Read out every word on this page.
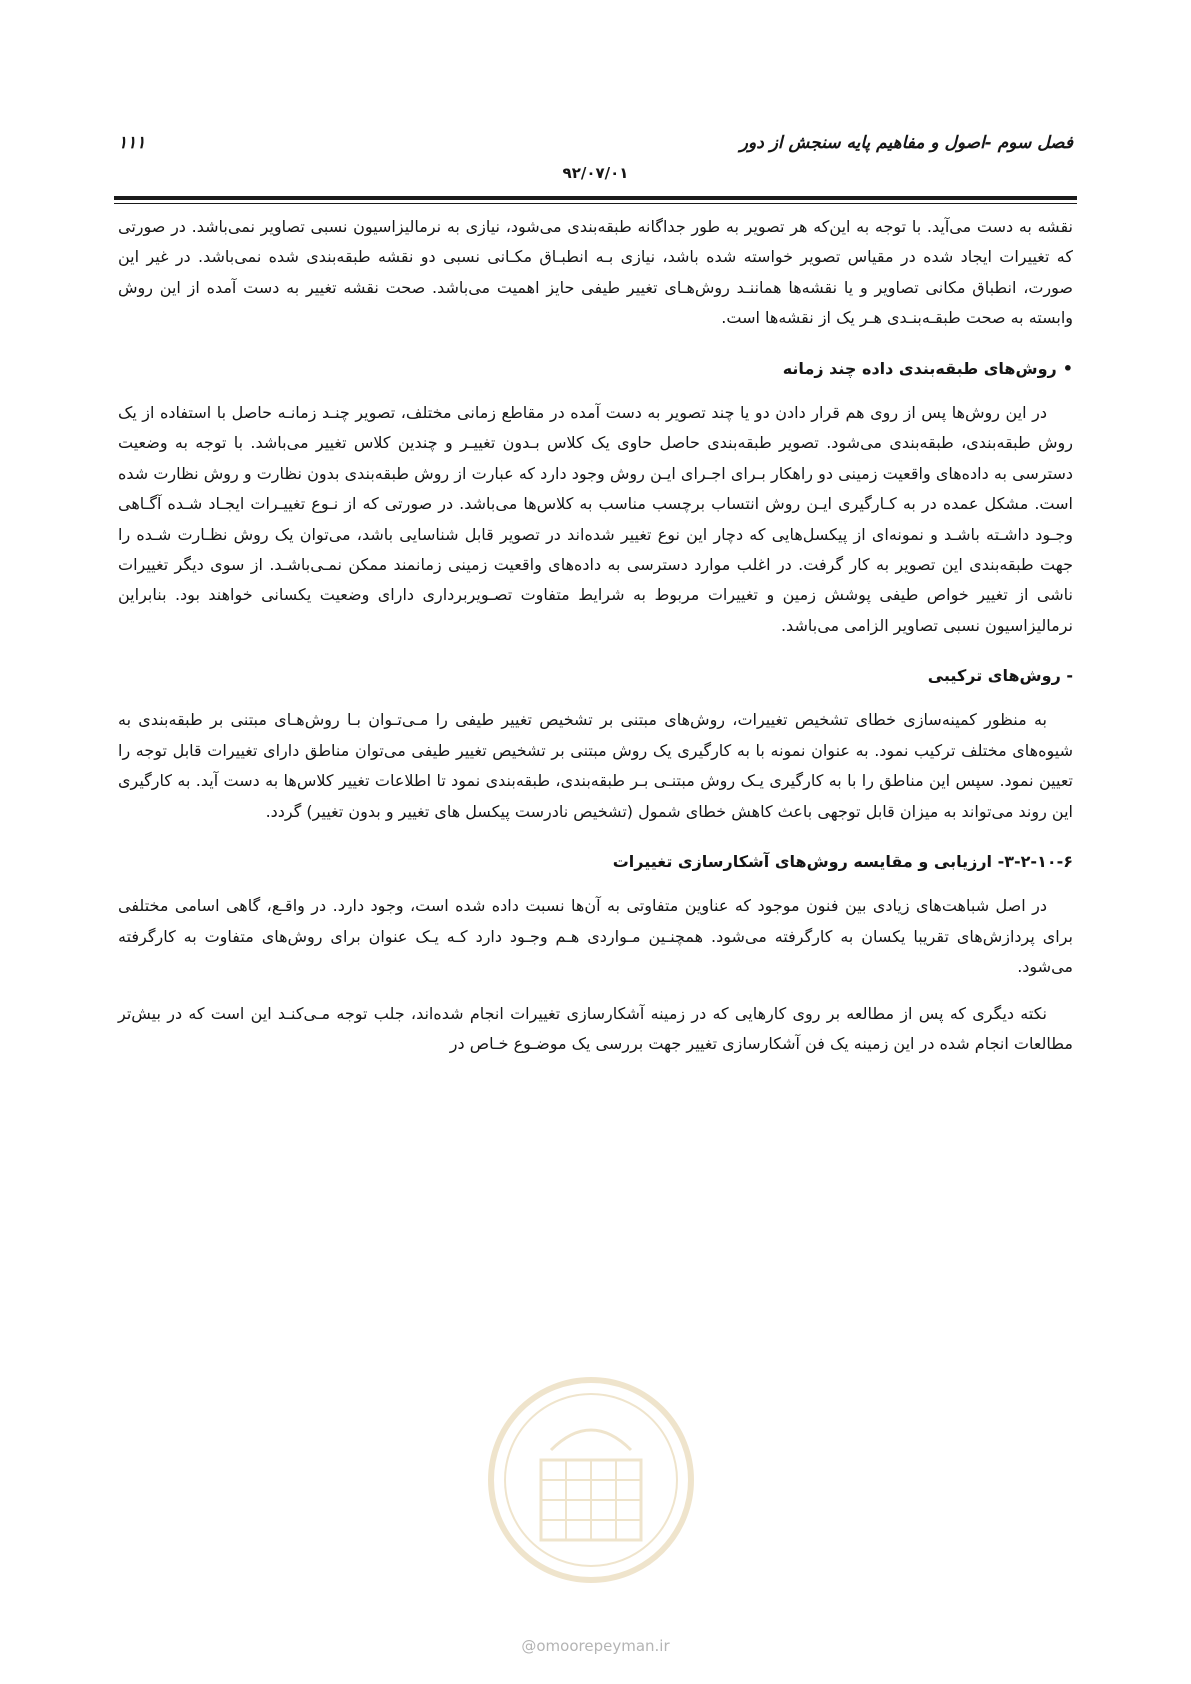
فصل سوم -اصول و مفاهیم پایه سنجش از دور
۱۱۱
۹۲/۰۷/۰۱

نقشه به دست می‌آید. با توجه به این‌که هر تصویر به طور جداگانه طبقه‌بندی می‌شود، نیازی به نرمالیزاسیون نسبی تصاویر نمی‌باشد. در صورتی که تغییرات ایجاد شده در مقیاس تصویر خواسته شده باشد، نیازی بـه انطبـاق مکـانی نسبی دو نقشه طبقه‌بندی شده نمی‌باشد. در غیر این صورت، انطباق مکانی تصاویر و یا نقشه‌ها هماننـد روش‌هـای تغییر طیفی حایز اهمیت می‌باشد. صحت نقشه تغییر به دست آمده از این روش وابسته به صحت طبقـه‌بنـدی هـر یک از نقشه‌ها است.

•روش‌های طبقه‌بندی داده چند زمانه

در این روش‌ها پس از روی هم قرار دادن دو یا چند تصویر به دست آمده در مقاطع زمانی مختلف، تصویر چنـد زمانـه حاصل با استفاده از یک روش طبقه‌بندی، طبقه‌بندی می‌شود. تصویر طبقه‌بندی حاصل حاوی یک کلاس بـدون تغییـر و چندین کلاس تغییر می‌باشد. با توجه به وضعیت دسترسی به داده‌های واقعیت زمینی دو راهکار بـرای اجـرای ایـن روش وجود دارد که عبارت از روش طبقه‌بندی بدون نظارت و روش نظارت شده است. مشکل عمده در به کـارگیری ایـن روش انتساب برچسب مناسب به کلاس‌ها می‌باشد. در صورتی که از نـوع تغییـرات ایجـاد شـده آگـاهی وجـود داشـته باشـد و نمونه‌ای از پیکسل‌هایی که دچار این نوع تغییر شده‌اند در تصویر قابل شناسایی باشد، می‌توان یک روش نظـارت شـده را جهت طبقه‌بندی این تصویر به کار گرفت. در اغلب موارد دسترسی به داده‌های واقعیت زمینی زمانمند ممکن نمـی‌باشـد. از سوی دیگر تغییرات ناشی از تغییر خواص طیفی پوشش زمین و تغییرات مربوط به شرایط متفاوت تصـویربرداری دارای وضعیت یکسانی خواهند بود. بنابراین نرمالیزاسیون نسبی تصاویر الزامی می‌باشد.

- روش‌های ترکیبی

به منظور کمینه‌سازی خطای تشخیص تغییرات، روش‌های مبتنی بر تشخیص تغییر طیفی را مـی‌تـوان بـا روش‌هـای مبتنی بر طبقه‌بندی به شیوه‌های مختلف ترکیب نمود. به عنوان نمونه با به کارگیری یک روش مبتنی بر تشخیص تغییر طیفی می‌توان مناطق دارای تغییرات قابل توجه را تعیین نمود. سپس این مناطق را با به کارگیری یـک روش مبتنـی بـر طبقه‌بندی، طبقه‌بندی نمود تا اطلاعات تغییر کلاس‌ها به دست آید. به کارگیری این روند می‌تواند به میزان قابل توجهی باعث کاهش خطای شمول (تشخیص نادرست پیکسل های تغییر و بدون تغییر) گردد.

۳-۲-۱۰-۶- ارزیابی و مقایسه روش‌های آشکارسازی تغییرات

در اصل شباهت‌های زیادی بین فنون موجود که عناوین متفاوتی به آن‌ها نسبت داده شده است، وجود دارد. در واقـع، گاهی اسامی مختلفی برای پردازش‌های تقریبا یکسان به کارگرفته می‌شود. همچنـین مـواردی هـم وجـود دارد کـه یـک عنوان برای روش‌های متفاوت به کارگرفته می‌شود.

نکته دیگری که پس از مطالعه بر روی کارهایی که در زمینه آشکارسازی تغییرات انجام شده‌اند، جلب توجه مـی‌کنـد این است که در بیش‌تر مطالعات انجام شده در این زمینه یک فن آشکارسازی تغییر جهت بررسی یک موضـوع خـاص در

@omoorepeyman.ir
